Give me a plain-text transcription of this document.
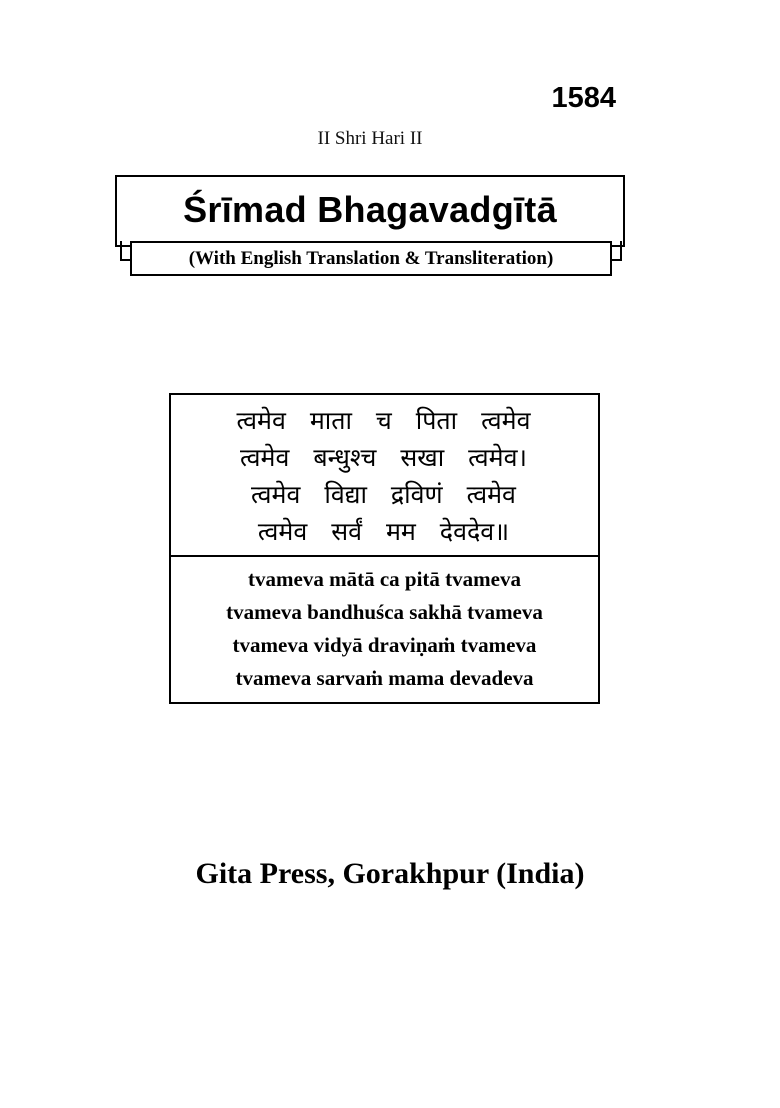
1584
II Shri Hari II
Śrīmad Bhagavadgītā
(With English Translation & Transliteration)
त्वमेव माता च पिता त्वमेव
त्वमेव बन्धुश्च सखा त्वमेव।
त्वमेव विद्या द्रविणं त्वमेव
त्वमेव सर्वं मम देवदेव॥
tvameva mātā ca pitā tvameva
tvameva bandhuśca sakhā tvameva
tvameva vidyā draviṇaṁ tvameva
tvameva sarvaṁ mama devadeva
Gita Press, Gorakhpur (India)
